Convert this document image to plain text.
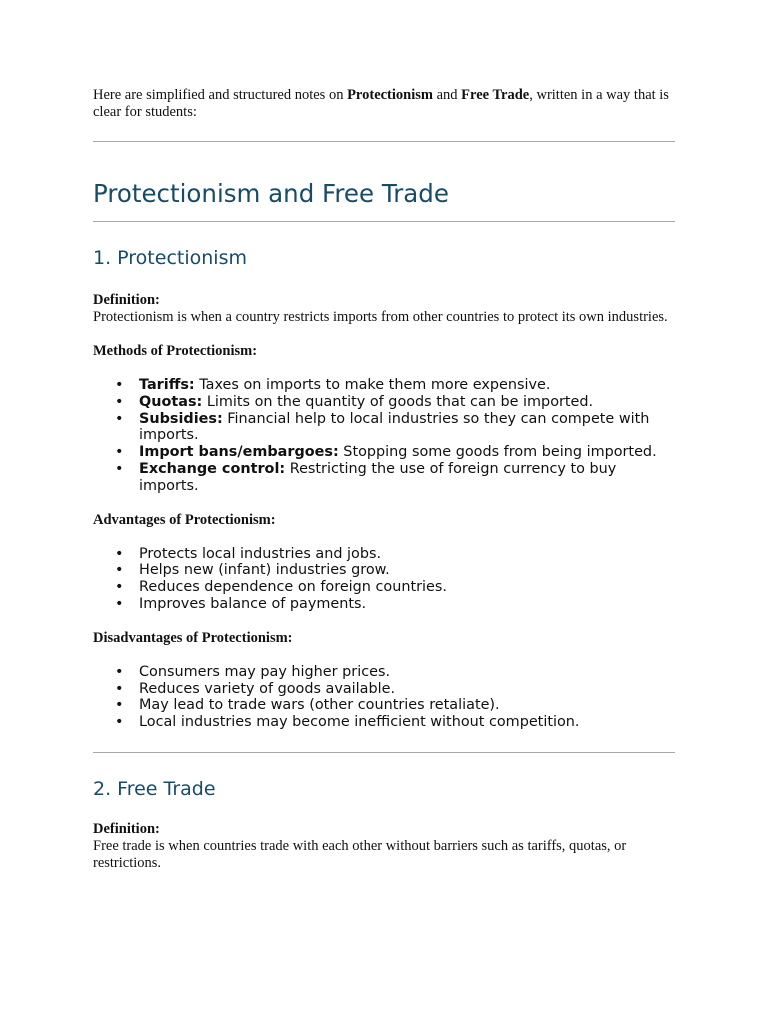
Here are simplified and structured notes on Protectionism and Free Trade, written in a way that is clear for students:

Protectionism and Free Trade
1. Protectionism

Definition:

Protectionism is when a country restricts imports from other countries to protect its own industries.

Methods of Protectionism:

• Tariffs: Taxes on imports to make them more expensive.
• Quotas: Limits on the quantity of goods that can be imported.
• Subsidies: Financial help to local industries so they can compete with imports.
• Import bans/embargoes: Stopping some goods from being imported.
• Exchange control: Restricting the use of foreign currency to buy imports.

Advantages of Protectionism:

• Protects local industries and jobs.
• Helps new (infant) industries grow.
• Reduces dependence on foreign countries.
• Improves balance of payments.

Disadvantages of Protectionism:

• Consumers may pay higher prices.
• Reduces variety of goods available.
• May lead to trade wars (other countries retaliate).
• Local industries may become inefficient without competition.
2. Free Trade

Definition:

Free trade is when countries trade with each other without barriers such as tariffs, quotas, or restrictions.
